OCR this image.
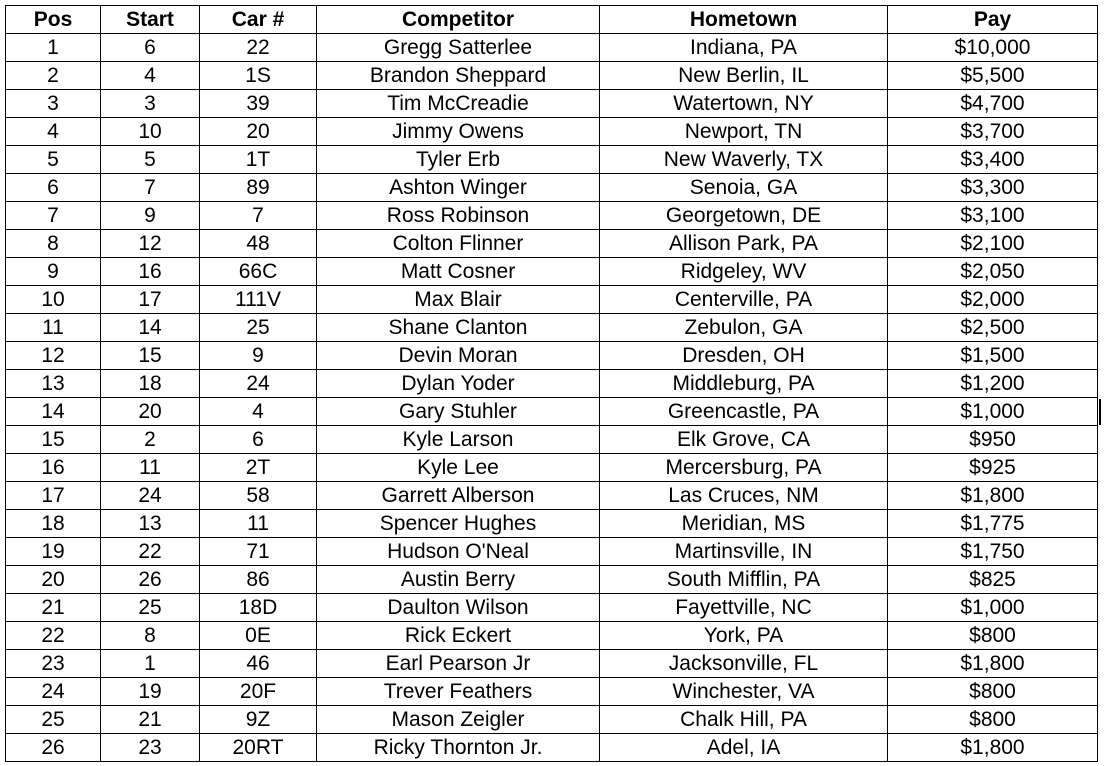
Pos	Start	Car #	Competitor	Hometown	Pay
1	6	22	Gregg Satterlee	Indiana, PA	$10,000
2	4	1S	Brandon Sheppard	New Berlin, IL	$5,500
3	3	39	Tim McCreadie	Watertown, NY	$4,700
4	10	20	Jimmy Owens	Newport, TN	$3,700
5	5	1T	Tyler Erb	New Waverly, TX	$3,400
6	7	89	Ashton Winger	Senoia, GA	$3,300
7	9	7	Ross Robinson	Georgetown, DE	$3,100
8	12	48	Colton Flinner	Allison Park, PA	$2,100
9	16	66C	Matt Cosner	Ridgeley, WV	$2,050
10	17	111V	Max Blair	Centerville, PA	$2,000
11	14	25	Shane Clanton	Zebulon, GA	$2,500
12	15	9	Devin Moran	Dresden, OH	$1,500
13	18	24	Dylan Yoder	Middleburg, PA	$1,200
14	20	4	Gary Stuhler	Greencastle, PA	$1,000
15	2	6	Kyle Larson	Elk Grove, CA	$950
16	11	2T	Kyle Lee	Mercersburg, PA	$925
17	24	58	Garrett Alberson	Las Cruces, NM	$1,800
18	13	11	Spencer Hughes	Meridian, MS	$1,775
19	22	71	Hudson O'Neal	Martinsville, IN	$1,750
20	26	86	Austin Berry	South Mifflin, PA	$825
21	25	18D	Daulton Wilson	Fayettville, NC	$1,000
22	8	0E	Rick Eckert	York, PA	$800
23	1	46	Earl Pearson Jr	Jacksonville, FL	$1,800
24	19	20F	Trever Feathers	Winchester, VA	$800
25	21	9Z	Mason Zeigler	Chalk Hill, PA	$800
26	23	20RT	Ricky Thornton Jr.	Adel, IA	$1,800
